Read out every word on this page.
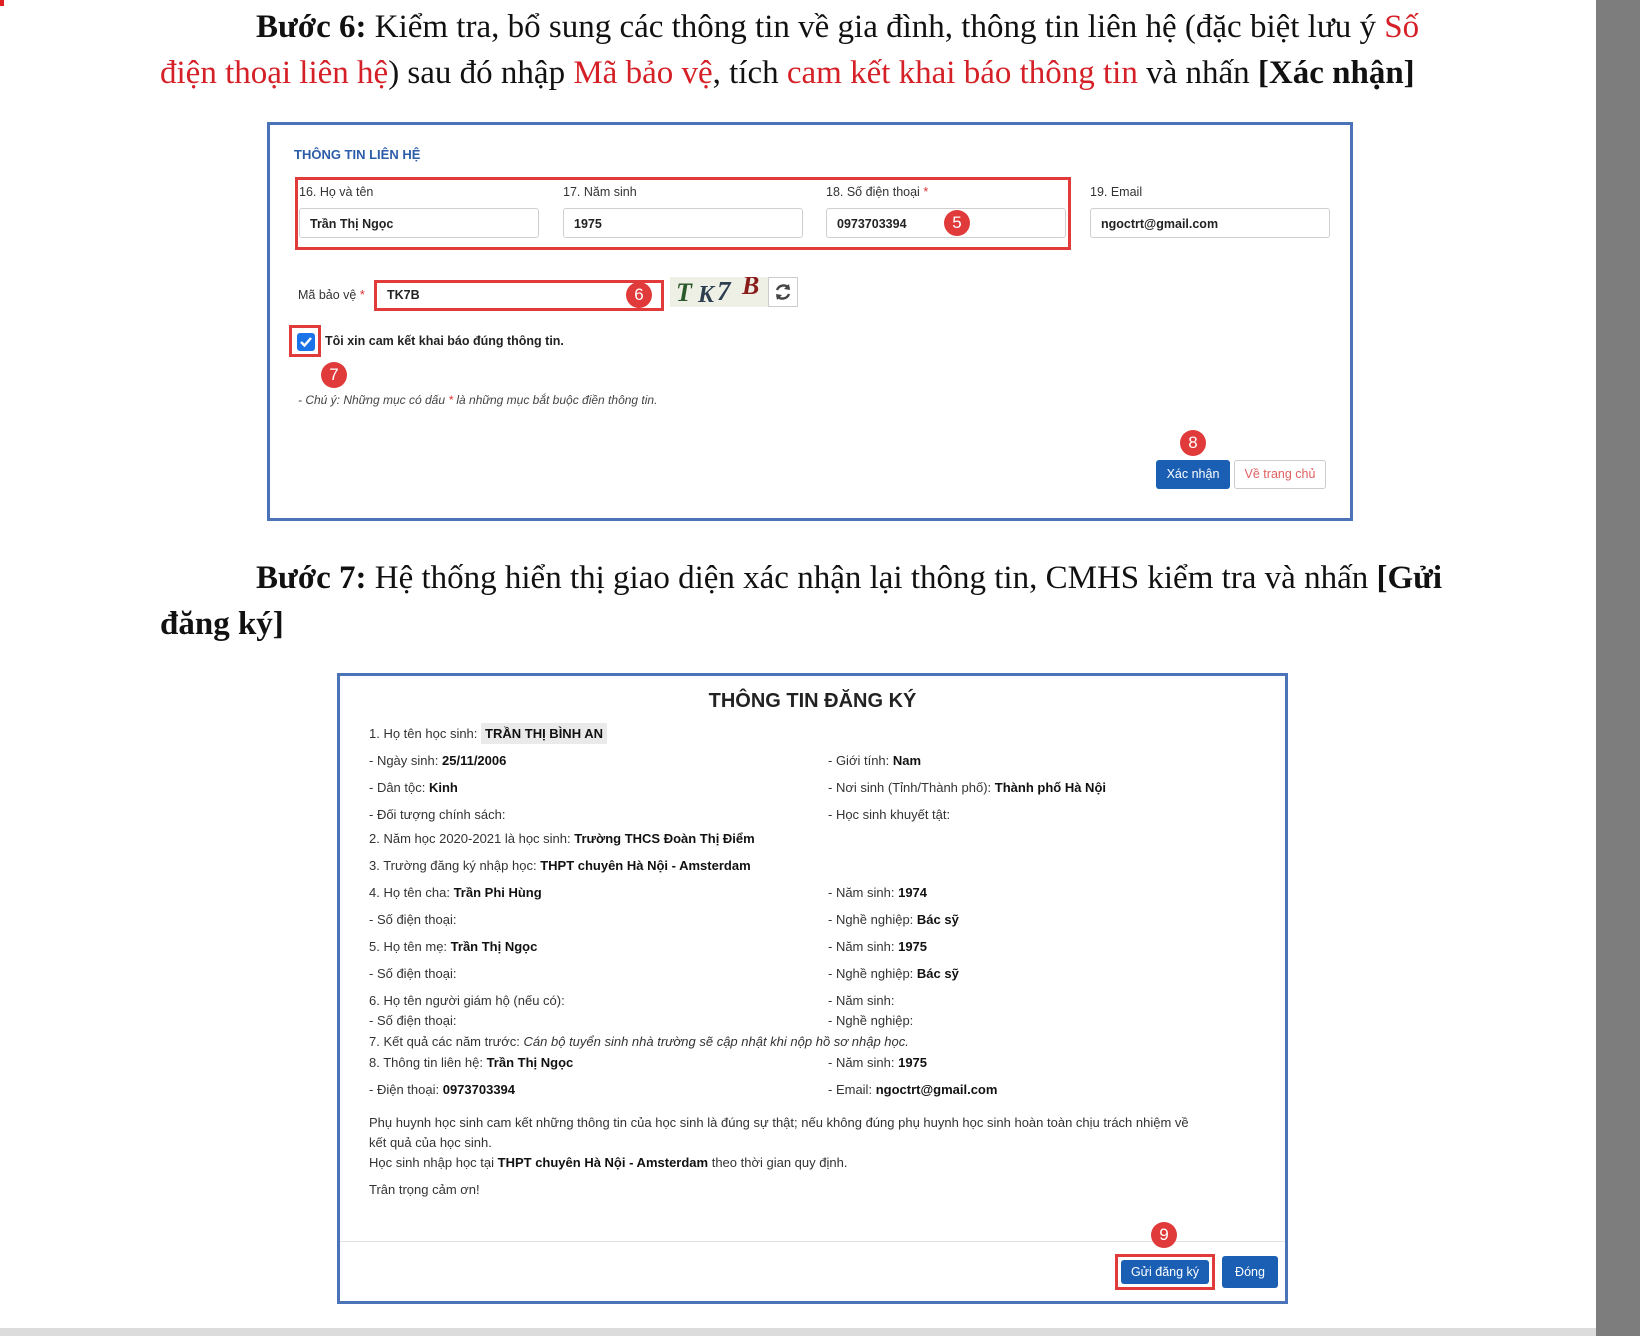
Bước 6: Kiểm tra, bổ sung các thông tin về gia đình, thông tin liên hệ (đặc biệt lưu ý Số
điện thoại liên hệ) sau đó nhập Mã bảo vệ, tích cam kết khai báo thông tin và nhấn [Xác nhận]
THÔNG TIN LIÊN HỆ
16. Họ và tên
Trần Thị Ngọc
17. Năm sinh
1975
18. Số điện thoại *
0973703394	5
19. Email
ngoctrt@gmail.com
Mã bảo vệ *	TK7B	6	T K 7 B
Tôi xin cam kết khai báo đúng thông tin.
7
- Chú ý: Những mục có dấu * là những mục bắt buộc điền thông tin.
8
Xác nhận	Về trang chủ
Bước 7: Hệ thống hiển thị giao diện xác nhận lại thông tin, CMHS kiểm tra và nhấn [Gửi
đăng ký]
THÔNG TIN ĐĂNG KÝ
1. Họ tên học sinh: TRẦN THỊ BÌNH AN
- Ngày sinh: 25/11/2006	- Giới tính: Nam
- Dân tộc: Kinh	- Nơi sinh (Tỉnh/Thành phố): Thành phố Hà Nội
- Đối tượng chính sách:	- Học sinh khuyết tật:
2. Năm học 2020-2021 là học sinh: Trường THCS Đoàn Thị Điểm
3. Trường đăng ký nhập học: THPT chuyên Hà Nội - Amsterdam
4. Họ tên cha: Trần Phi Hùng	- Năm sinh: 1974
- Số điện thoại:	- Nghề nghiệp: Bác sỹ
5. Họ tên mẹ: Trần Thị Ngọc	- Năm sinh: 1975
- Số điện thoại:	- Nghề nghiệp: Bác sỹ
6. Họ tên người giám hộ (nếu có):	- Năm sinh:
- Số điện thoại:	- Nghề nghiệp:
7. Kết quả các năm trước: Cán bộ tuyển sinh nhà trường sẽ cập nhật khi nộp hồ sơ nhập học.
8. Thông tin liên hệ: Trần Thị Ngọc	- Năm sinh: 1975
- Điện thoại: 0973703394	- Email: ngoctrt@gmail.com
Phụ huynh học sinh cam kết những thông tin của học sinh là đúng sự thật; nếu không đúng phụ huynh học sinh hoàn toàn chịu trách nhiệm về
kết quả của học sinh.
Học sinh nhập học tại THPT chuyên Hà Nội - Amsterdam theo thời gian quy định.
Trân trọng cảm ơn!
9
Gửi đăng ký	Đóng
